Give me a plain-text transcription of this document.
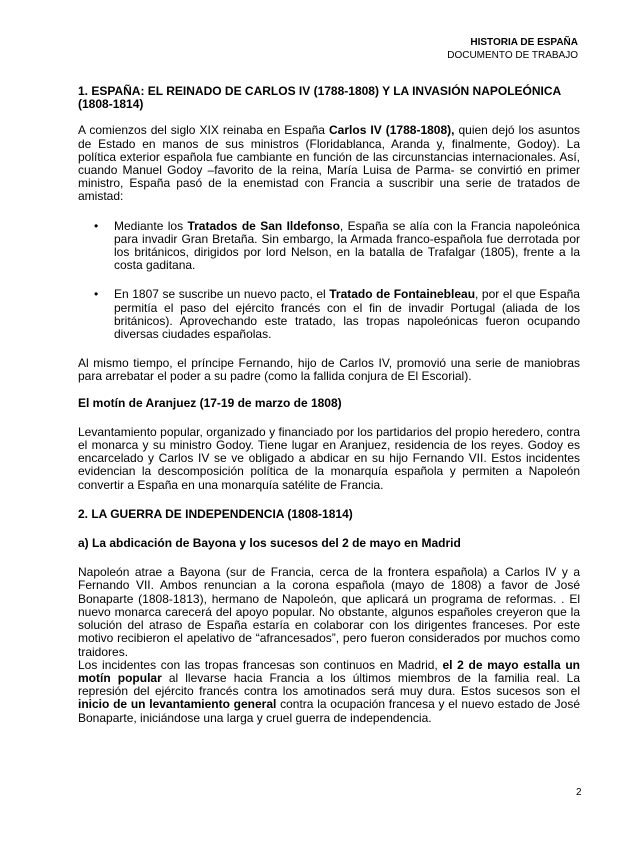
HISTORIA DE ESPAÑA
DOCUMENTO DE TRABAJO
1. ESPAÑA: EL REINADO DE CARLOS IV (1788-1808) Y LA INVASIÓN NAPOLEÓNICA (1808-1814)

A comienzos del siglo XIX reinaba en España Carlos IV (1788-1808), quien dejó los asuntos de Estado en manos de sus ministros (Floridablanca, Aranda y, finalmente, Godoy). La política exterior española fue cambiante en función de las circunstancias internacionales. Así, cuando Manuel Godoy –favorito de la reina, María Luisa de Parma- se convirtió en primer ministro, España pasó de la enemistad con Francia a suscribir una serie de tratados de amistad:

• Mediante los Tratados de San Ildefonso, España se alía con la Francia napoleónica para invadir Gran Bretaña. Sin embargo, la Armada franco-española fue derrotada por los británicos, dirigidos por lord Nelson, en la batalla de Trafalgar (1805), frente a la costa gaditana.
• En 1807 se suscribe un nuevo pacto, el Tratado de Fontainebleau, por el que España permitía el paso del ejército francés con el fin de invadir Portugal (aliada de los británicos). Aprovechando este tratado, las tropas napoleónicas fueron ocupando diversas ciudades españolas.

Al mismo tiempo, el príncipe Fernando, hijo de Carlos IV, promovió una serie de maniobras para arrebatar el poder a su padre (como la fallida conjura de El Escorial).

El motín de Aranjuez (17-19 de marzo de 1808)

Levantamiento popular, organizado y financiado por los partidarios del propio heredero, contra el monarca y su ministro Godoy. Tiene lugar en Aranjuez, residencia de los reyes. Godoy es encarcelado y Carlos IV se ve obligado a abdicar en su hijo Fernando VII. Estos incidentes evidencian la descomposición política de la monarquía española y permiten a Napoleón convertir a España en una monarquía satélite de Francia.

2. LA GUERRA DE INDEPENDENCIA (1808-1814)
a) La abdicación de Bayona y los sucesos del 2 de mayo en Madrid

Napoleón atrae a Bayona (sur de Francia, cerca de la frontera española) a Carlos IV y a Fernando VII. Ambos renuncian a la corona española (mayo de 1808) a favor de José Bonaparte (1808-1813), hermano de Napoleón, que aplicará un programa de reformas. . El nuevo monarca carecerá del apoyo popular. No obstante, algunos españoles creyeron que la solución del atraso de España estaría en colaborar con los dirigentes franceses. Por este motivo recibieron el apelativo de “afrancesados”, pero fueron considerados por muchos como traidores.

Los incidentes con las tropas francesas son continuos en Madrid, el 2 de mayo estalla un motín popular al llevarse hacia Francia a los últimos miembros de la familia real. La represión del ejército francés contra los amotinados será muy dura. Estos sucesos son el inicio de un levantamiento general contra la ocupación francesa y el nuevo estado de José Bonaparte, iniciándose una larga y cruel guerra de independencia.

2
